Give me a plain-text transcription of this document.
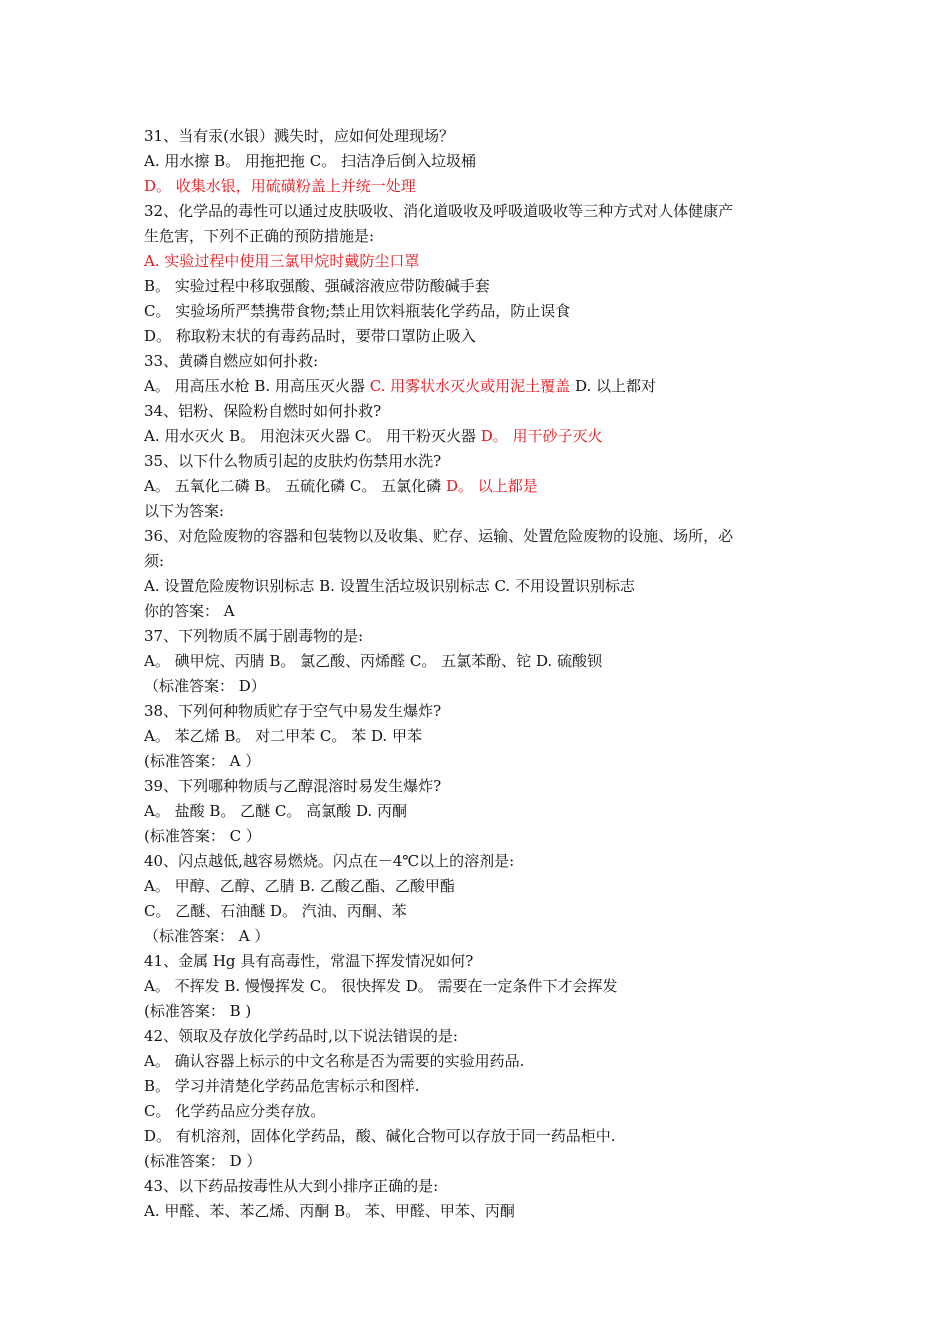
31、当有汞(水银）溅失时，应如何处理现场？

A. 用水擦 B。 用拖把拖 C。 扫洁净后倒入垃圾桶

D。 收集水银，用硫磺粉盖上并统一处理

32、化学品的毒性可以通过皮肤吸收、消化道吸收及呼吸道吸收等三种方式对人体健康产

生危害，下列不正确的预防措施是:

A. 实验过程中使用三氯甲烷时戴防尘口罩

B。 实验过程中移取强酸、强碱溶液应带防酸碱手套

C。 实验场所严禁携带食物;禁止用饮料瓶装化学药品，防止误食

D。 称取粉末状的有毒药品时，要带口罩防止吸入

33、黄磷自燃应如何扑救:

A。 用高压水枪 B. 用高压灭火器 C. 用雾状水灭火或用泥土覆盖 D. 以上都对

34、铝粉、保险粉自燃时如何扑救?

A. 用水灭火 B。 用泡沫灭火器 C。 用干粉灭火器 D。 用干砂子灭火

35、以下什么物质引起的皮肤灼伤禁用水洗?

A。 五氧化二磷 B。 五硫化磷 C。 五氯化磷 D。 以上都是

以下为答案:

36、对危险废物的容器和包装物以及收集、贮存、运输、处置危险废物的设施、场所，必

须:

A. 设置危险废物识别标志 B. 设置生活垃圾识别标志 C. 不用设置识别标志

你的答案： A

37、下列物质不属于剧毒物的是:

A。 碘甲烷、丙腈 B。 氯乙酸、丙烯醛 C。 五氯苯酚、铊 D. 硫酸钡

（标准答案： D）

38、下列何种物质贮存于空气中易发生爆炸?

A。 苯乙烯 B。 对二甲苯 C。 苯 D. 甲苯

(标准答案： A ）

39、下列哪种物质与乙醇混溶时易发生爆炸?

A。 盐酸 B。 乙醚 C。 高氯酸 D. 丙酮

(标准答案： C ）

40、闪点越低,越容易燃烧。闪点在－4℃以上的溶剂是:

A。 甲醇、乙醇、乙腈 B. 乙酸乙酯、乙酸甲酯

C。 乙醚、石油醚 D。 汽油、丙酮、苯

（标准答案： A ）

41、金属 Hg 具有高毒性，常温下挥发情况如何?

A。 不挥发 B. 慢慢挥发 C。 很快挥发 D。 需要在一定条件下才会挥发

(标准答案： B )

42、领取及存放化学药品时,以下说法错误的是:

A。 确认容器上标示的中文名称是否为需要的实验用药品.

B。 学习并清楚化学药品危害标示和图样.

C。 化学药品应分类存放。

D。 有机溶剂，固体化学药品，酸、碱化合物可以存放于同一药品柜中.

(标准答案： D ）

43、以下药品按毒性从大到小排序正确的是:

A. 甲醛、苯、苯乙烯、丙酮 B。 苯、甲醛、甲苯、丙酮
